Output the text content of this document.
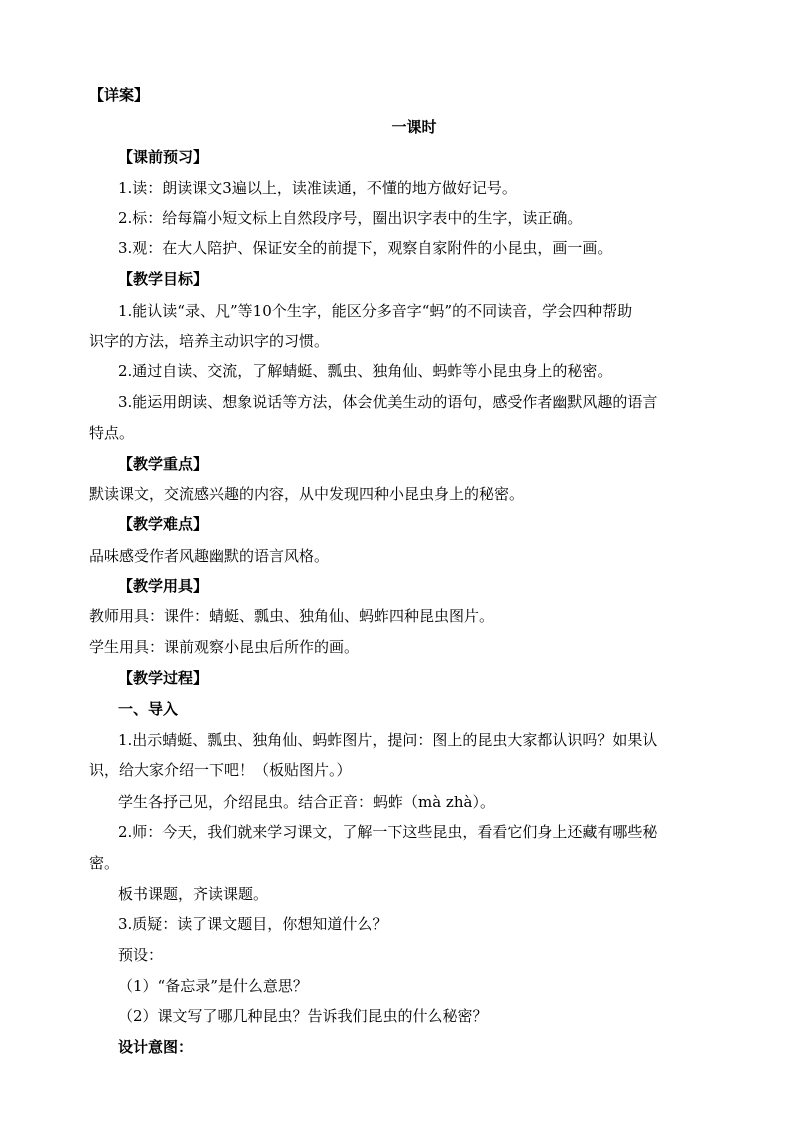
【详案】
一课时
【课前预习】
1.读：朗读课文3遍以上，读准读通，不懂的地方做好记号。
2.标：给每篇小短文标上自然段序号，圈出识字表中的生字，读正确。
3.观：在大人陪护、保证安全的前提下，观察自家附件的小昆虫，画一画。
【教学目标】
1.能认读“录、凡”等10个生字，能区分多音字“蚂”的不同读音，学会四种帮助
识字的方法，培养主动识字的习惯。
2.通过自读、交流，了解蜻蜓、瓢虫、独角仙、蚂蚱等小昆虫身上的秘密。
3.能运用朗读、想象说话等方法，体会优美生动的语句，感受作者幽默风趣的语言
特点。
【教学重点】
默读课文，交流感兴趣的内容，从中发现四种小昆虫身上的秘密。
【教学难点】
品味感受作者风趣幽默的语言风格。
【教学用具】
教师用具：课件：蜻蜓、瓢虫、独角仙、蚂蚱四种昆虫图片。
学生用具：课前观察小昆虫后所作的画。
【教学过程】
一、导入
1.出示蜻蜓、瓢虫、独角仙、蚂蚱图片，提问：图上的昆虫大家都认识吗？如果认
识，给大家介绍一下吧！（板贴图片。）
学生各抒己见，介绍昆虫。结合正音：蚂蚱（mà zhà）。
2.师：今天，我们就来学习课文，了解一下这些昆虫，看看它们身上还藏有哪些秘
密。
板书课题，齐读课题。
3.质疑：读了课文题目，你想知道什么？
预设：
（1）“备忘录”是什么意思？
（2）课文写了哪几种昆虫？告诉我们昆虫的什么秘密？
设计意图：
